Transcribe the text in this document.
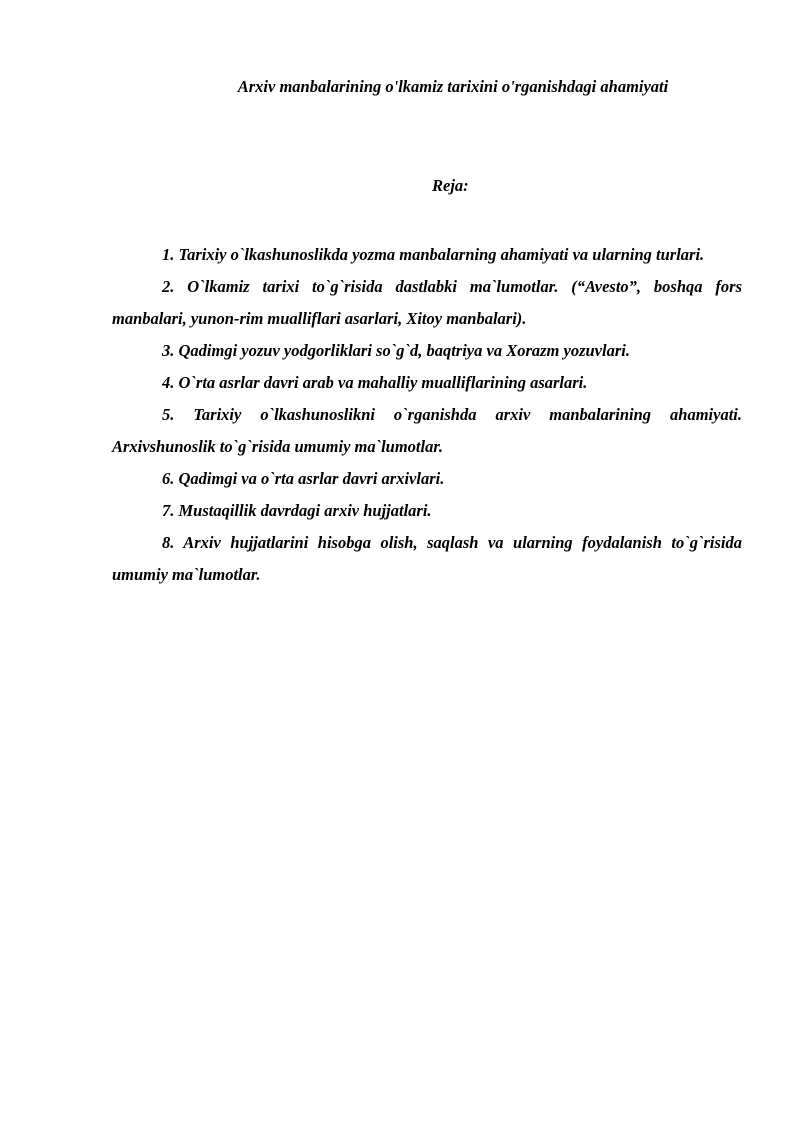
Arxiv manbalarining o'lkamiz tarixini o'rganishdagi ahamiyati

Reja:

1. Tarixiy o`lkashunoslikda yozma manbalarning ahamiyati va ularning turlari.
2. O`lkamiz tarixi to`g`risida dastlabki ma`lumotlar. (“Avesto”, boshqa fors manbalari, yunon-rim mualliflari asarlari, Xitoy manbalari).
3. Qadimgi yozuv yodgorliklari so`g`d, baqtriya va Xorazm yozuvlari.
4. O`rta asrlar davri arab va mahalliy mualliflarining asarlari.
5. Tarixiy o`lkashunoslikni o`rganishda arxiv manbalarining ahamiyati. Arxivshunoslik to`g`risida umumiy ma`lumotlar.
6. Qadimgi va o`rta asrlar davri arxivlari.
7. Mustaqillik davrdagi arxiv hujjatlari.
8. Arxiv hujjatlarini hisobga olish, saqlash va ularning foydalanish to`g`risida umumiy ma`lumotlar.
